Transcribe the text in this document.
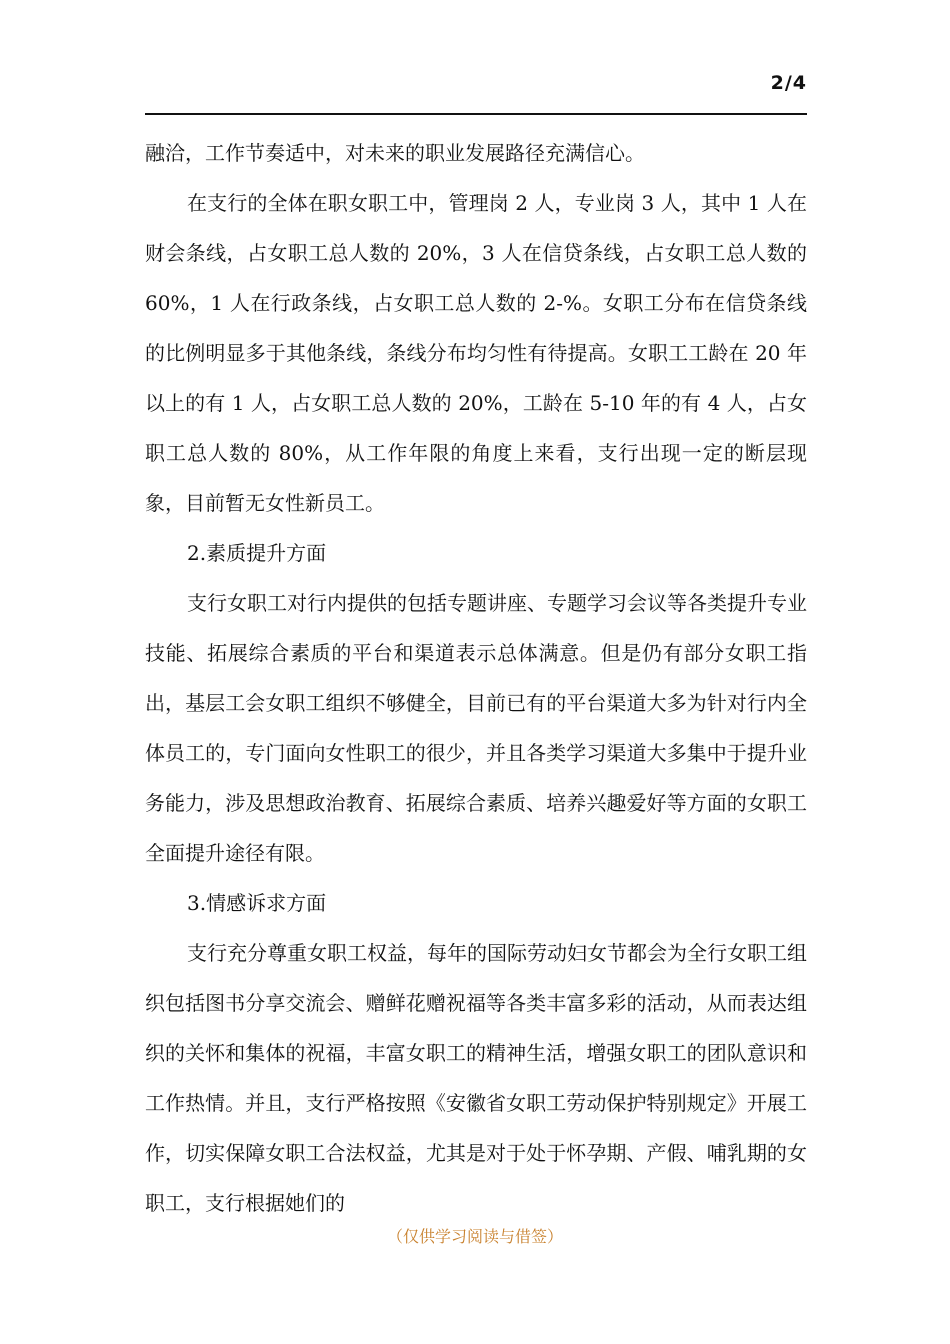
2/4

融洽，工作节奏适中，对未来的职业发展路径充满信心。

在支行的全体在职女职工中，管理岗 2 人，专业岗 3 人，其中 1 人在财会条线，占女职工总人数的 20%，3 人在信贷条线，占女职工总人数的 60%，1 人在行政条线，占女职工总人数的 2-%。女职工分布在信贷条线的比例明显多于其他条线，条线分布均匀性有待提高。女职工工龄在 20 年以上的有 1 人，占女职工总人数的 20%，工龄在 5-10 年的有 4 人，占女职工总人数的 80%，从工作年限的角度上来看，支行出现一定的断层现象，目前暂无女性新员工。

2.素质提升方面

支行女职工对行内提供的包括专题讲座、专题学习会议等各类提升专业技能、拓展综合素质的平台和渠道表示总体满意。但是仍有部分女职工指出，基层工会女职工组织不够健全，目前已有的平台渠道大多为针对行内全体员工的，专门面向女性职工的很少，并且各类学习渠道大多集中于提升业务能力，涉及思想政治教育、拓展综合素质、培养兴趣爱好等方面的女职工全面提升途径有限。

3.情感诉求方面

支行充分尊重女职工权益，每年的国际劳动妇女节都会为全行女职工组织包括图书分享交流会、赠鲜花赠祝福等各类丰富多彩的活动，从而表达组织的关怀和集体的祝福，丰富女职工的精神生活，增强女职工的团队意识和工作热情。并且，支行严格按照《安徽省女职工劳动保护特别规定》开展工作，切实保障女职工合法权益，尤其是对于处于怀孕期、产假、哺乳期的女职工，支行根据她们的

（仅供学习阅读与借签）
